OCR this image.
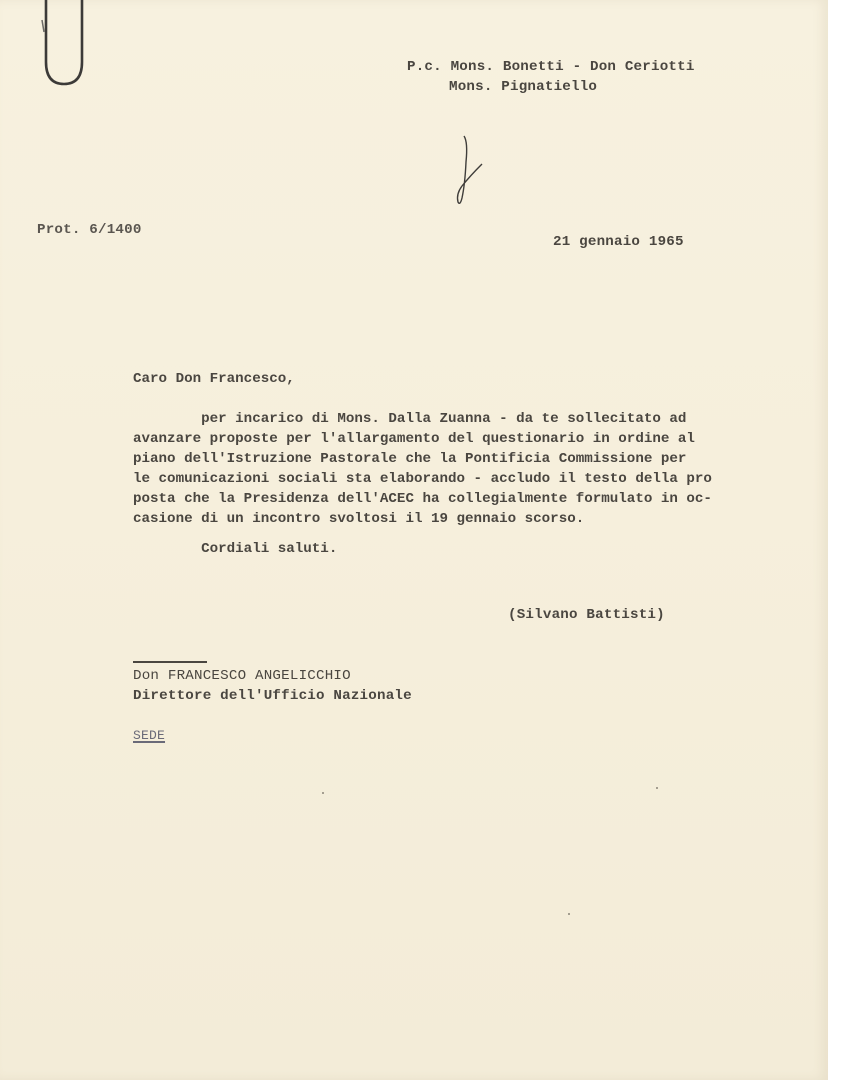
P.c. Mons. Bonetti - Don Ceriotti
Mons. Pignatiello
Prot. 6/1400
21 gennaio 1965
Caro Don Francesco,
per incarico di Mons. Dalla Zuanna - da te sollecitato ad
avanzare proposte per l'allargamento del questionario in ordine al
piano dell'Istruzione Pastorale che la Pontificia Commissione per
le comunicazioni sociali sta elaborando - accludo il testo della pro
posta che la Presidenza dell'ACEC ha collegialmente formulato in oc-
casione di un incontro svoltosi il 19 gennaio scorso.
Cordiali saluti.
(Silvano Battisti)
Don FRANCESCO ANGELICCHIO
Direttore dell'Ufficio Nazionale
SEDE
